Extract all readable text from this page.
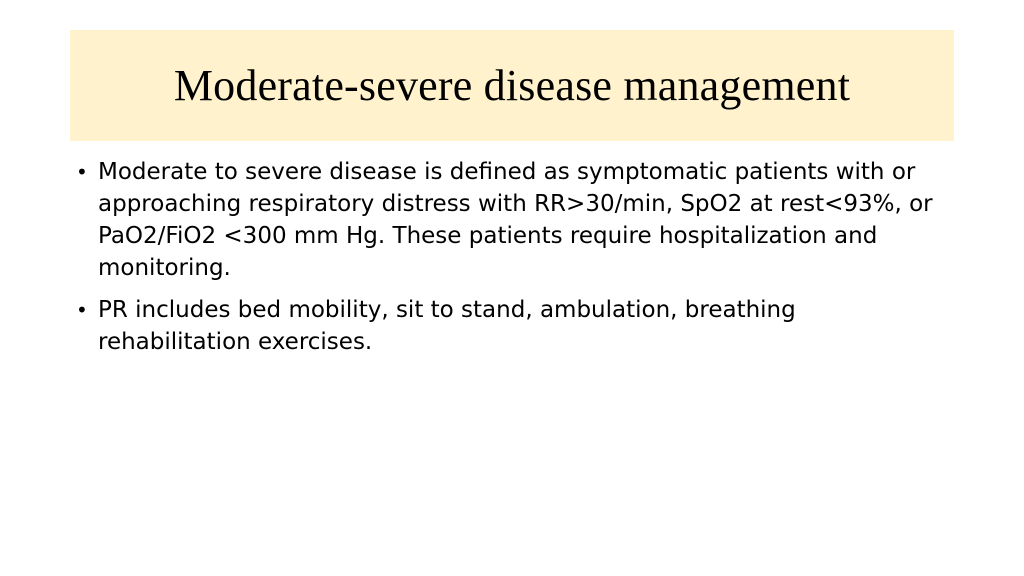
Moderate-severe disease management
• Moderate to severe disease is defined as symptomatic patients with or approaching respiratory distress with RR>30/min, SpO2 at rest<93%, or PaO2/FiO2 <300 mm Hg. These patients require hospitalization and monitoring.
• PR includes bed mobility, sit to stand, ambulation, breathing rehabilitation exercises.
